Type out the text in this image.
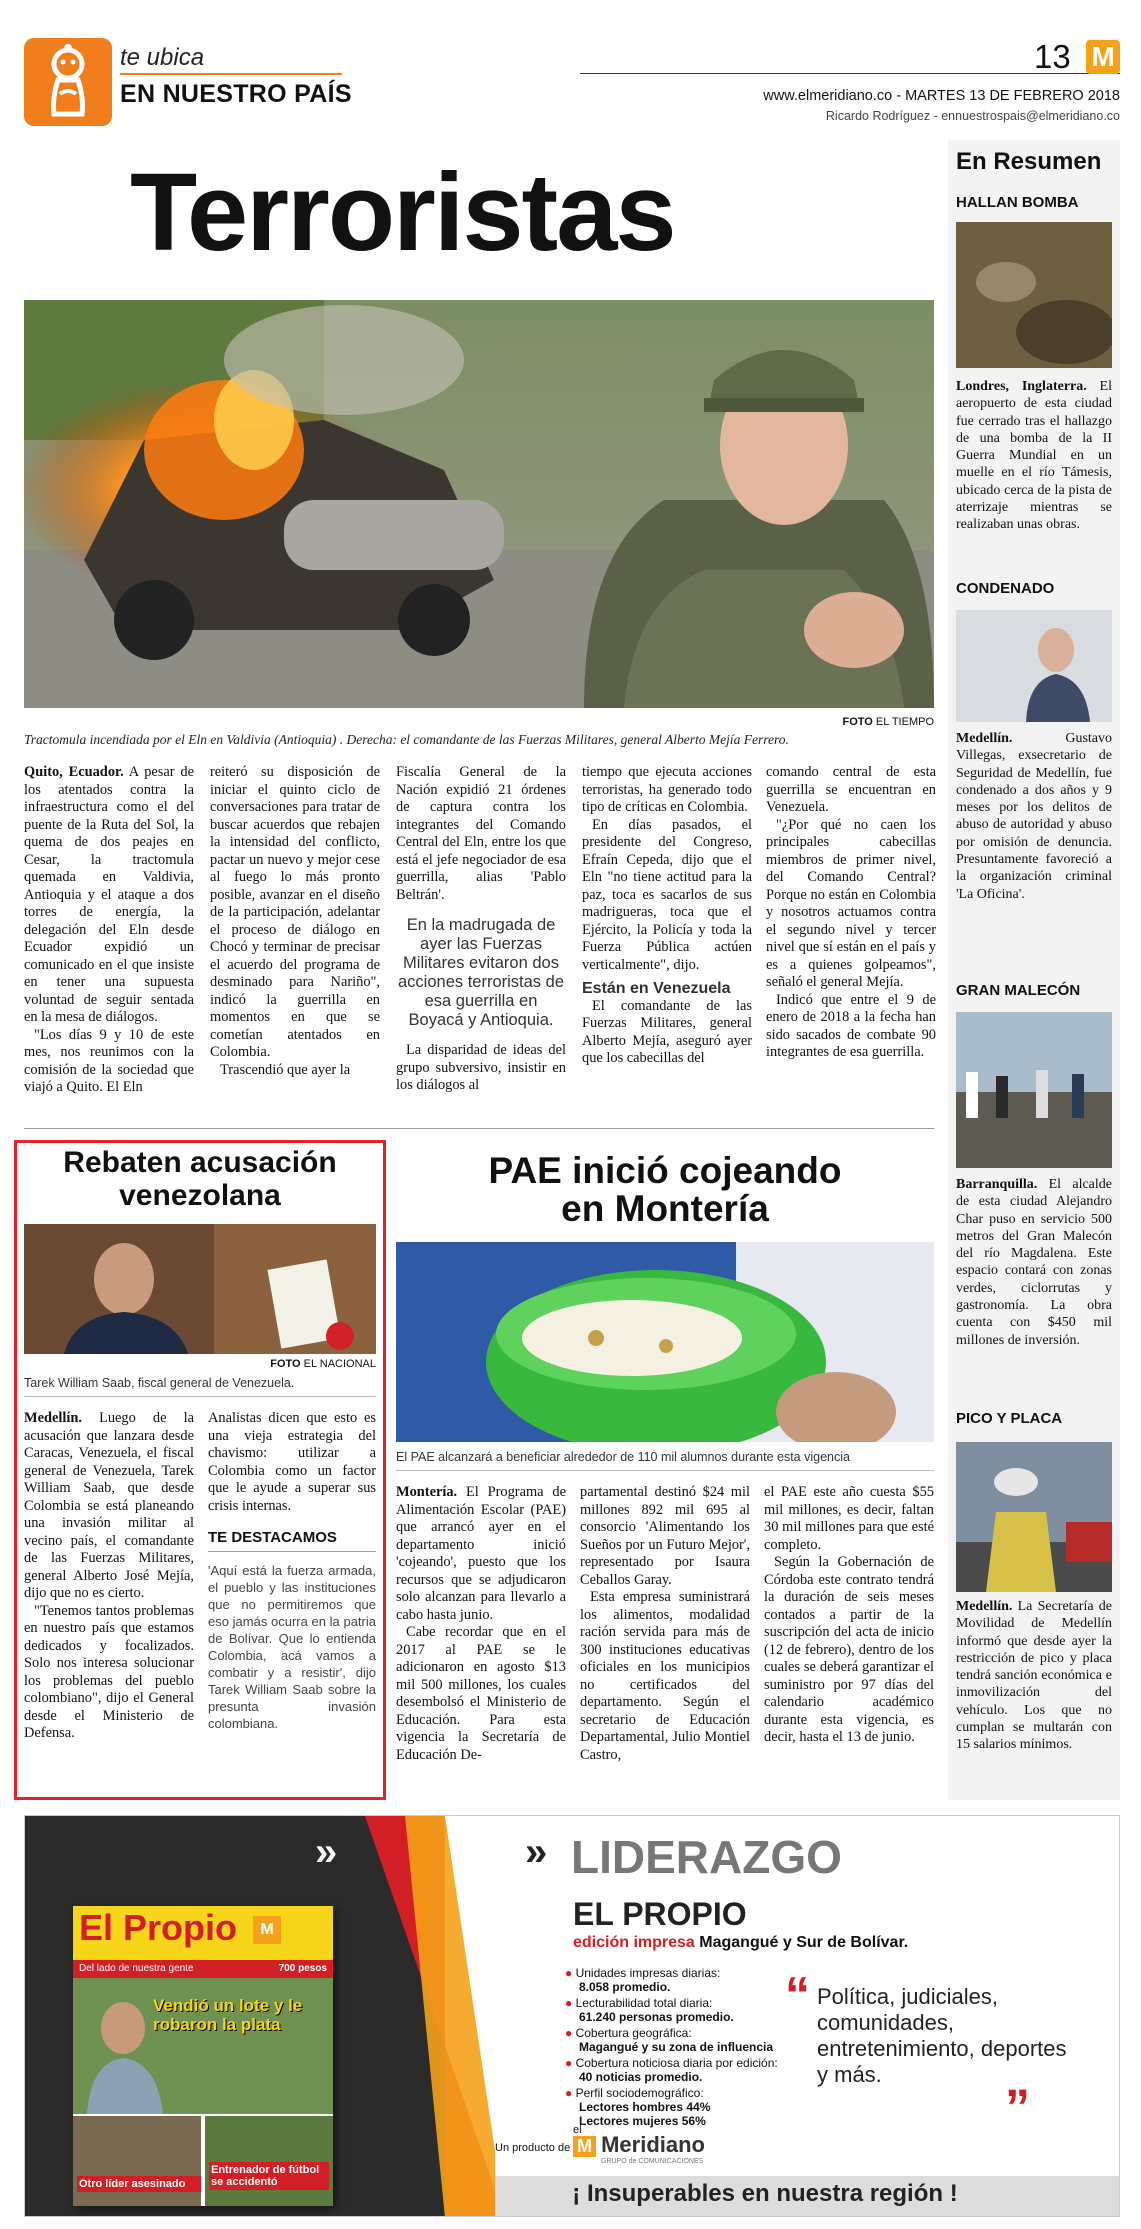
te ubica
EN NUESTRO PAÍS
13 M
www.elmeridiano.co - MARTES 13 DE FEBRERO 2018
Ricardo Rodríguez - ennuestrospais@elmeridiano.co
Terroristas
FOTO EL TIEMPO
Tractomula incendiada por el Eln en Valdivia (Antioquia) . Derecha: el comandante de las Fuerzas Militares, general Alberto Mejía Ferrero.

Quito, Ecuador. A pesar de los atentados contra la infraestructura como el del puente de la Ruta del Sol, la quema de dos peajes en Cesar, la tractomula quemada en Valdivia, Antioquia y el ataque a dos torres de energía, la delegación del Eln desde Ecuador expidió un comunicado en el que insiste en tener una supuesta voluntad de seguir sentada en la mesa de diálogos.

"Los días 9 y 10 de este mes, nos reunimos con la comisión de la sociedad que viajó a Quito. El Eln

reiteró su disposición de iniciar el quinto ciclo de conversaciones para tratar de buscar acuerdos que rebajen la intensidad del conflicto, pactar un nuevo y mejor cese al fuego lo más pronto posible, avanzar en el diseño de la participación, adelantar el proceso de diálogo en Chocó y terminar de precisar el acuerdo del programa de desminado para Nariño", indicó la guerrilla en momentos en que se cometían atentados en Colombia.

Trascendió que ayer la

Fiscalía General de la Nación expidió 21 órdenes de captura contra los integrantes del Comando Central del Eln, entre los que está el jefe negociador de esa guerrilla, alias 'Pablo Beltrán'.

En la madrugada de ayer las Fuerzas Militares evitaron dos acciones terroristas de esa guerrilla en Boyacá y Antioquia.

La disparidad de ideas del grupo subversivo, insistir en los diálogos al

tiempo que ejecuta acciones terroristas, ha generado todo tipo de críticas en Colombia.

En días pasados, el presidente del Congreso, Efraín Cepeda, dijo que el Eln "no tiene actitud para la paz, toca es sacarlos de sus madrigueras, toca que el Ejército, la Policía y toda la Fuerza Pública actúen verticalmente", dijo.

Están en Venezuela

El comandante de las Fuerzas Militares, general Alberto Mejía, aseguró ayer que los cabecillas del

comando central de esta guerrilla se encuentran en Venezuela.

"¿Por qué no caen los principales cabecillas miembros de primer nivel, del Comando Central? Porque no están en Colombia y nosotros actuamos contra el segundo nivel y tercer nivel que sí están en el país y es a quienes golpeamos", señaló el general Mejía.

Indicó que entre el 9 de enero de 2018 a la fecha han sido sacados de combate 90 integrantes de esa guerrilla.

En Resumen
HALLAN BOMBA
Londres, Inglaterra. El aeropuerto de esta ciudad fue cerrado tras el hallazgo de una bomba de la II Guerra Mundial en un muelle en el río Támesis, ubicado cerca de la pista de aterrizaje mientras se realizaban unas obras.
CONDENADO
Medellín.	Gustavo Villegas, exsecretario de Seguridad de Medellín, fue condenado a dos años y 9 meses por los delitos de abuso de autoridad y abuso por omisión de denuncia. Presuntamente favoreció a la organización criminal 'La Oficina'.
GRAN MALECÓN
Barranquilla. El alcalde de esta ciudad Alejandro Char puso en servicio 500 metros del Gran Malecón del río Magdalena. Este espacio contará con zonas verdes, ciclorrutas y gastronomía. La obra cuenta con $450 mil millones de inversión.
PICO Y PLACA
Medellín. La Secretaría de Movilidad de Medellín informó que desde ayer la restricción de pico y placa tendrá sanción económica e inmovilización del vehículo. Los que no cumplan se multarán con 15 salarios mínimos.
Rebaten acusación venezolana
FOTO EL NACIONAL
Tarek William Saab, fiscal general de Venezuela.

Medellín. Luego de la acusación que lanzara desde Caracas, Venezuela, el fiscal general de Venezuela, Tarek William Saab, que desde Colombia se está planeando una invasión militar al vecino país, el comandante de las Fuerzas Militares, general Alberto José Mejía, dijo que no es cierto.

"Tenemos tantos problemas en nuestro país que estamos dedicados y focalizados. Solo nos interesa solucionar los problemas del pueblo colombiano", dijo el General desde el Ministerio de Defensa.

Analistas dicen que esto es una vieja estrategia del chavismo: utilizar a Colombia como un factor que le ayude a superar sus crisis internas.

TE DESTACAMOS
'Aquí está la fuerza armada, el pueblo y las instituciones que no permitiremos que eso jamás ocurra en la patria de Bolívar. Que lo entienda Colombia, acá vamos a combatir y a resistir', dijo Tarek William Saab sobre la presunta invasión colombiana.
PAE inició cojeando
en Montería
El PAE alcanzará a beneficiar alrededor de 110 mil alumnos durante esta vigencia

Montería. El Programa de Alimentación Escolar (PAE) que arrancó ayer en el departamento inició 'cojeando', puesto que los recursos que se adjudicaron solo alcanzan para llevarlo a cabo hasta junio.

Cabe recordar que en el 2017 al PAE se le adicionaron en agosto $13 mil 500 millones, los cuales desembolsó el Ministerio de Educación. Para esta vigencia la Secretaría de Educación De-

partamental destinó $24 mil millones 892 mil 695 al consorcio 'Alimentando los Sueños por un Futuro Mejor', representado por Isaura Ceballos Garay.

Esta empresa suministrará los alimentos, modalidad ración servida para más de 300 instituciones educativas oficiales en los municipios no certificados del departamento. Según el secretario de Educación Departamental, Julio Montiel Castro,

el PAE este año cuesta $55 mil millones, es decir, faltan 30 mil millones para que esté completo.

Según la Gobernación de Córdoba este contrato tendrá la duración de seis meses contados a partir de la suscripción del acta de inicio (12 de febrero), dentro de los cuales se deberá garantizar el suministro por 97 días del calendario académico durante esta vigencia, es decir, hasta el 13 de junio.

»	» LIDERAZGO
EL PROPIO
edición impresa Magangué y Sur de Bolívar.
● Unidades impresas diarias:
8.058 promedio.
● Lecturabilidad total diaria:
61.240 personas promedio.
● Cobertura geográfica:
Magangué y su zona de influencia
● Cobertura noticiosa diaria por edición:
40 noticias promedio.
● Perfil sociodemográfico:
Lectores hombres 44%
Lectores mujeres 56%
“ Política, judiciales, comunidades, entretenimiento, deportes y más.
”
Un producto de
el
M Meridiano
GRUPO de COMUNICACIONES
¡ Insuperables en nuestra región !
El Propio	M
Del lado de nuestra gente	700 pesos
Vendió un lote y le robaron la plata
Otro líder asesinado
Entrenador de fútbol se accidentó
